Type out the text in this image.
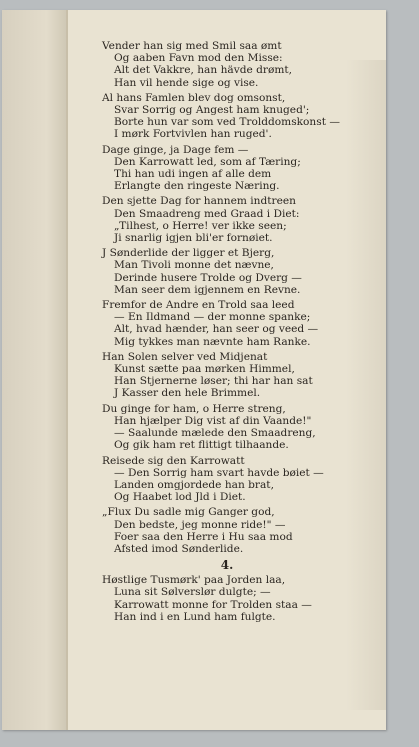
Vender han sig med Smil saa ømt
Og aaben Favn mod den Misse:
Alt det Vakkre, han hävde drømt,
Han vil hende sige og vise.
Al hans Famlen blev dog omsonst,
Svar Sorrig og Angest ham knuged';
Borte hun var som ved Trolddomskonst —
I mørk Fortvivlen han ruged'.
Dage ginge, ja Dage fem —
Den Karrowatt led, som af Tæring;
Thi han udi ingen af alle dem
Erlangte den ringeste Næring.
Den sjette Dag for hannem indtreen
Den Smaadreng med Graad i Diet:
„Tilhest, o Herre! ver ikke seen;
Ji snarlig igjen bli'er fornøiet.
J Sønderlide der ligger et Bjerg,
Man Tivoli monne det nævne,
Derinde husere Trolde og Dverg —
Man seer dem igjennem en Revne.
Fremfor de Andre en Trold saa leed
— En Ildmand — der monne spanke;
Alt, hvad hænder, han seer og veed —
Mig tykkes man nævnte ham Ranke.
Han Solen selver ved Midjenat
Kunst sætte paa mørken Himmel,
Han Stjernerne løser; thi har han sat
J Kasser den hele Brimmel.
Du ginge for ham, o Herre streng,
Han hjælper Dig vist af din Vaande!"
— Saalunde mælede den Smaadreng,
Og gik ham ret flittigt tilhaande.
Reisede sig den Karrowatt
— Den Sorrig ham svart havde bøiet —
Landen omgjordede han brat,
Og Haabet lod Jld i Diet.
„Flux Du sadle mig Ganger god,
Den bedste, jeg monne ride!" —
Foer saa den Herre i Hu saa mod
Afsted imod Sønderlide.
4.
Høstlige Tusmørk' paa Jorden laa,
Luna sit Sølverslør dulgte; —
Karrowatt monne for Trolden staa —
Han ind i en Lund ham fulgte.
